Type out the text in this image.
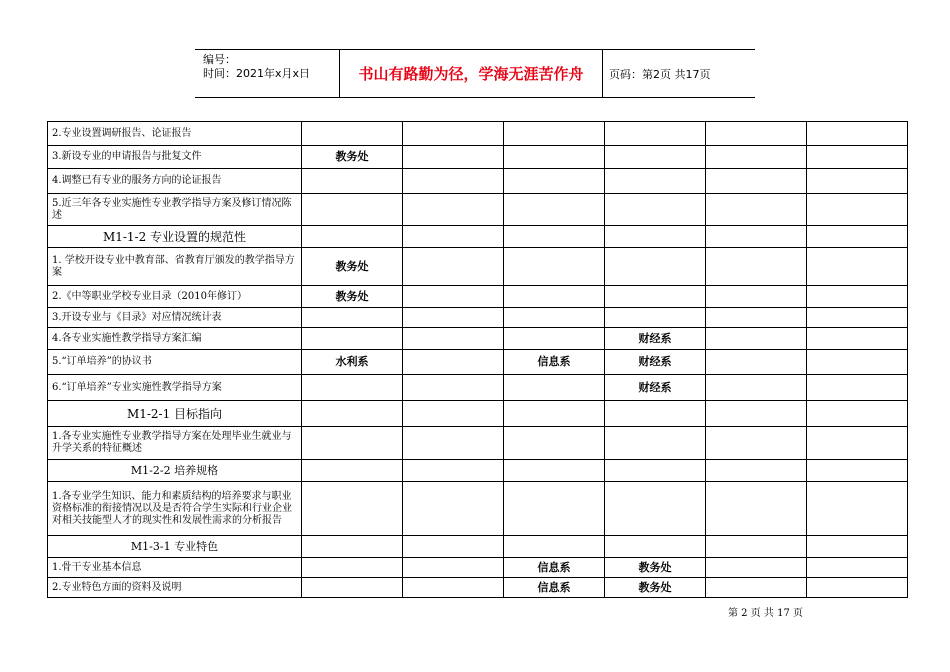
编号：
时间：2021年x月x日	书山有路勤为径，学海无涯苦作舟	页码：第2页 共17页
2.专业设置调研报告、论证报告						
3.新设专业的申请报告与批复文件	教务处					
4.调整已有专业的服务方向的论证报告						
5.近三年各专业实施性专业教学指导方案及修订情况陈述						
M1-1-2 专业设置的规范性						
1. 学校开设专业中教育部、省教育厅颁发的教学指导方案	教务处					
2.《中等职业学校专业目录（2010年修订）	教务处					
3.开设专业与《目录》对应情况统计表						
4.各专业实施性教学指导方案汇编				财经系		
5.“订单培养”的协议书	水利系		信息系	财经系		
6.“订单培养”专业实施性教学指导方案				财经系		
M1-2-1 目标指向						
1.各专业实施性专业教学指导方案在处理毕业生就业与升学关系的特征概述						
M1-2-2 培养规格						
1.各专业学生知识、能力和素质结构的培养要求与职业资格标准的衔接情况以及是否符合学生实际和行业企业对相关技能型人才的现实性和发展性需求的分析报告						
M1-3-1 专业特色						
1.骨干专业基本信息			信息系	教务处		
2.专业特色方面的资料及说明			信息系	教务处		
第 2 页 共 17 页
